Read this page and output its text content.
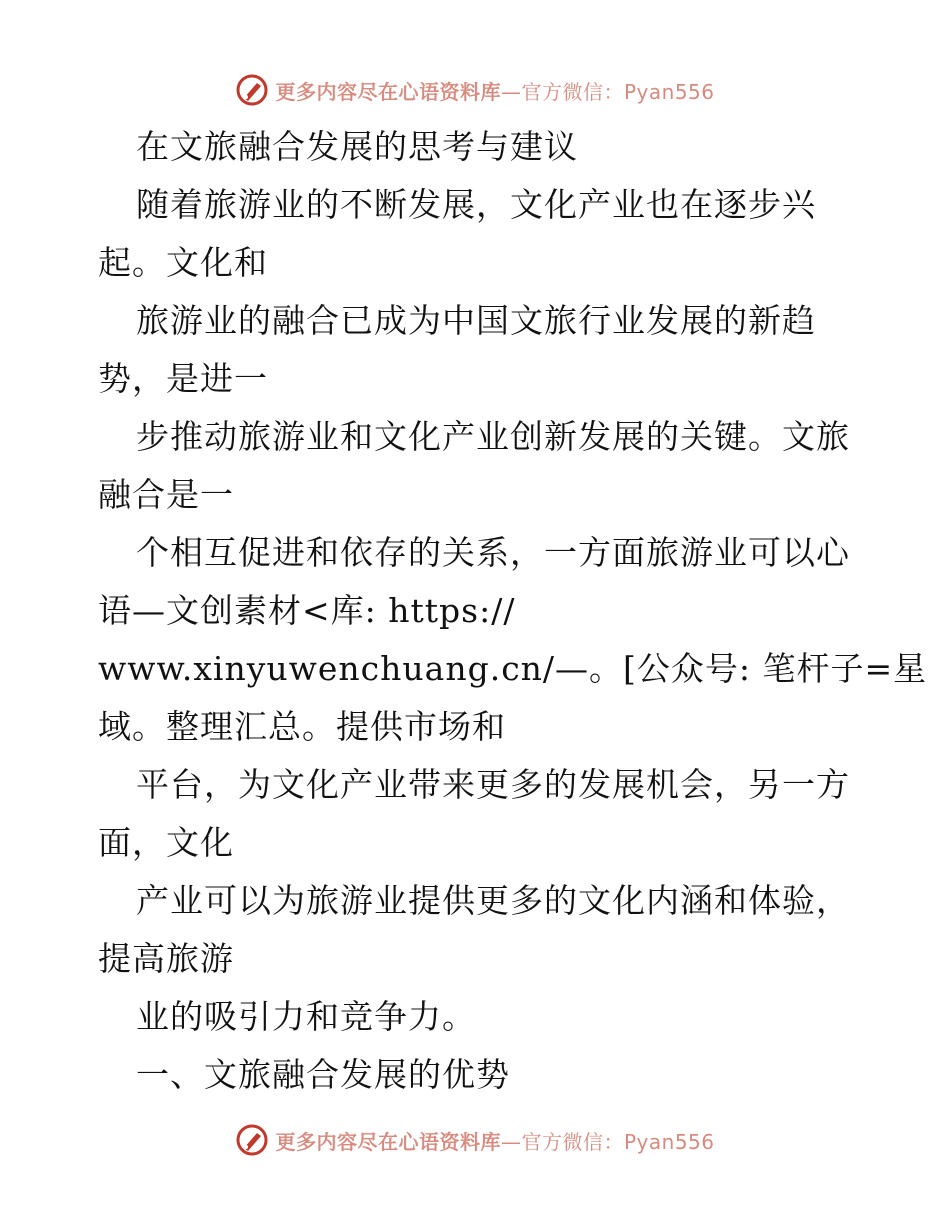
更多内容尽在心语资料库—官方微信：Pyan556
在文旅融合发展的思考与建议
随着旅游业的不断发展，文化产业也在逐步兴
起。文化和
旅游业的融合已成为中国文旅行业发展的新趋
势，是进一
步推动旅游业和文化产业创新发展的关键。文旅
融合是一
个相互促进和依存的关系，一方面旅游业可以心
语—文创素材<库: https://
www.xinyuwenchuang.cn/—。[公众号: 笔杆子=星
域。整理汇总。提供市场和
平台，为文化产业带来更多的发展机会，另一方
面，文化
产业可以为旅游业提供更多的文化内涵和体验，
提高旅游
业的吸引力和竞争力。
一、文旅融合发展的优势
更多内容尽在心语资料库—官方微信：Pyan556
